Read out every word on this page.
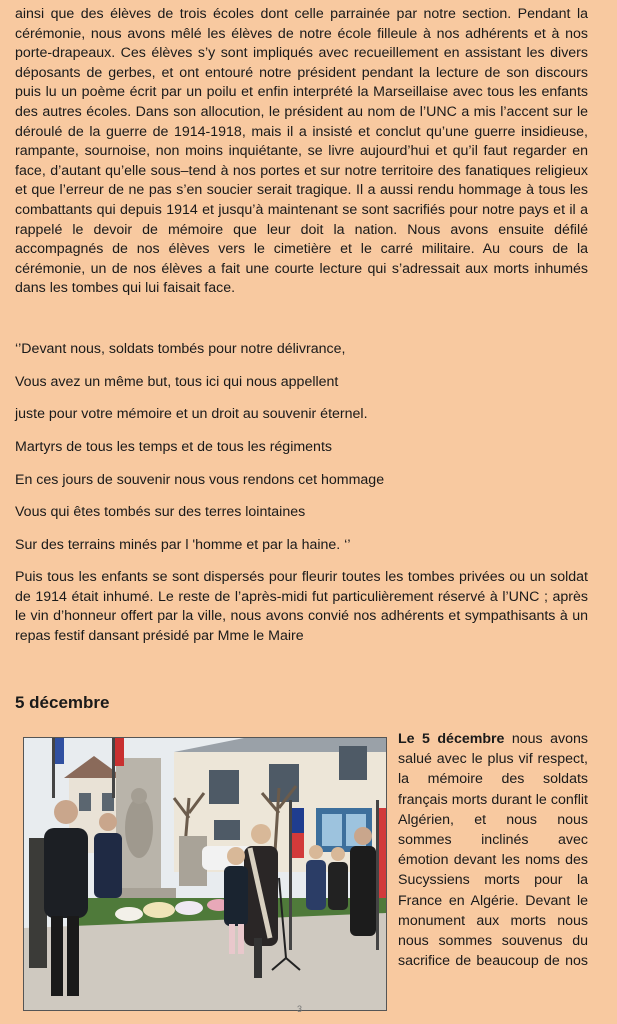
ainsi que des élèves de trois écoles dont celle parrainée par notre section. Pendant la cérémonie, nous avons mêlé les élèves de notre école filleule à nos adhérents et à nos porte-drapeaux. Ces élèves s’y sont impliqués avec recueillement en assistant les divers déposants de gerbes, et ont entouré notre président pendant la lecture de son discours puis lu un poème écrit par un poilu et enfin interprété la Marseillaise avec tous les enfants des autres écoles. Dans son allocution, le président au nom de l’UNC a mis l’accent sur le déroulé de la guerre de 1914-1918, mais il a insisté et conclut qu’une guerre insidieuse, rampante, sournoise, non moins inquiétante, se livre aujourd’hui et qu’il faut regarder en face, d’autant qu’elle sous–tend à nos portes et sur notre territoire des fanatiques religieux et que l’erreur de ne pas s’en soucier serait tragique. Il a aussi rendu hommage à tous les combattants qui depuis 1914 et jusqu’à maintenant se sont sacrifiés pour notre pays et il a rappelé le devoir de mémoire que leur doit la nation. Nous avons ensuite défilé accompagnés de nos élèves vers le cimetière et le carré militaire. Au cours de la cérémonie, un de nos élèves a fait une courte lecture qui s’adressait aux morts inhumés dans les tombes qui lui faisait face.

‘’Devant nous, soldats tombés pour notre délivrance,

Vous avez un même but, tous ici qui nous appellent

juste pour votre mémoire et un droit au souvenir éternel.

Martyrs de tous les temps et de tous les régiments

En ces jours de souvenir nous vous rendons cet hommage

Vous qui êtes tombés sur des terres lointaines

Sur des terrains minés par l 'homme et par la haine. ‘’

Puis tous les enfants se sont dispersés pour fleurir toutes les tombes privées ou un soldat de 1914 était inhumé. Le reste de l’après-midi fut particulièrement réservé à l’UNC ; après le vin d’honneur offert par la ville, nous avons convié nos adhérents et sympathisants à un repas festif dansant présidé par Mme le Maire

5 décembre

Le 5 décembre nous avons salué avec le plus vif respect, la mémoire des soldats français morts durant le conflit Algérien, et nous nous sommes inclinés avec émotion devant les noms des Sucyssiens morts pour la France en Algérie. Devant le monument aux morts nous nous sommes souvenus du sacrifice de beaucoup de nos

3
